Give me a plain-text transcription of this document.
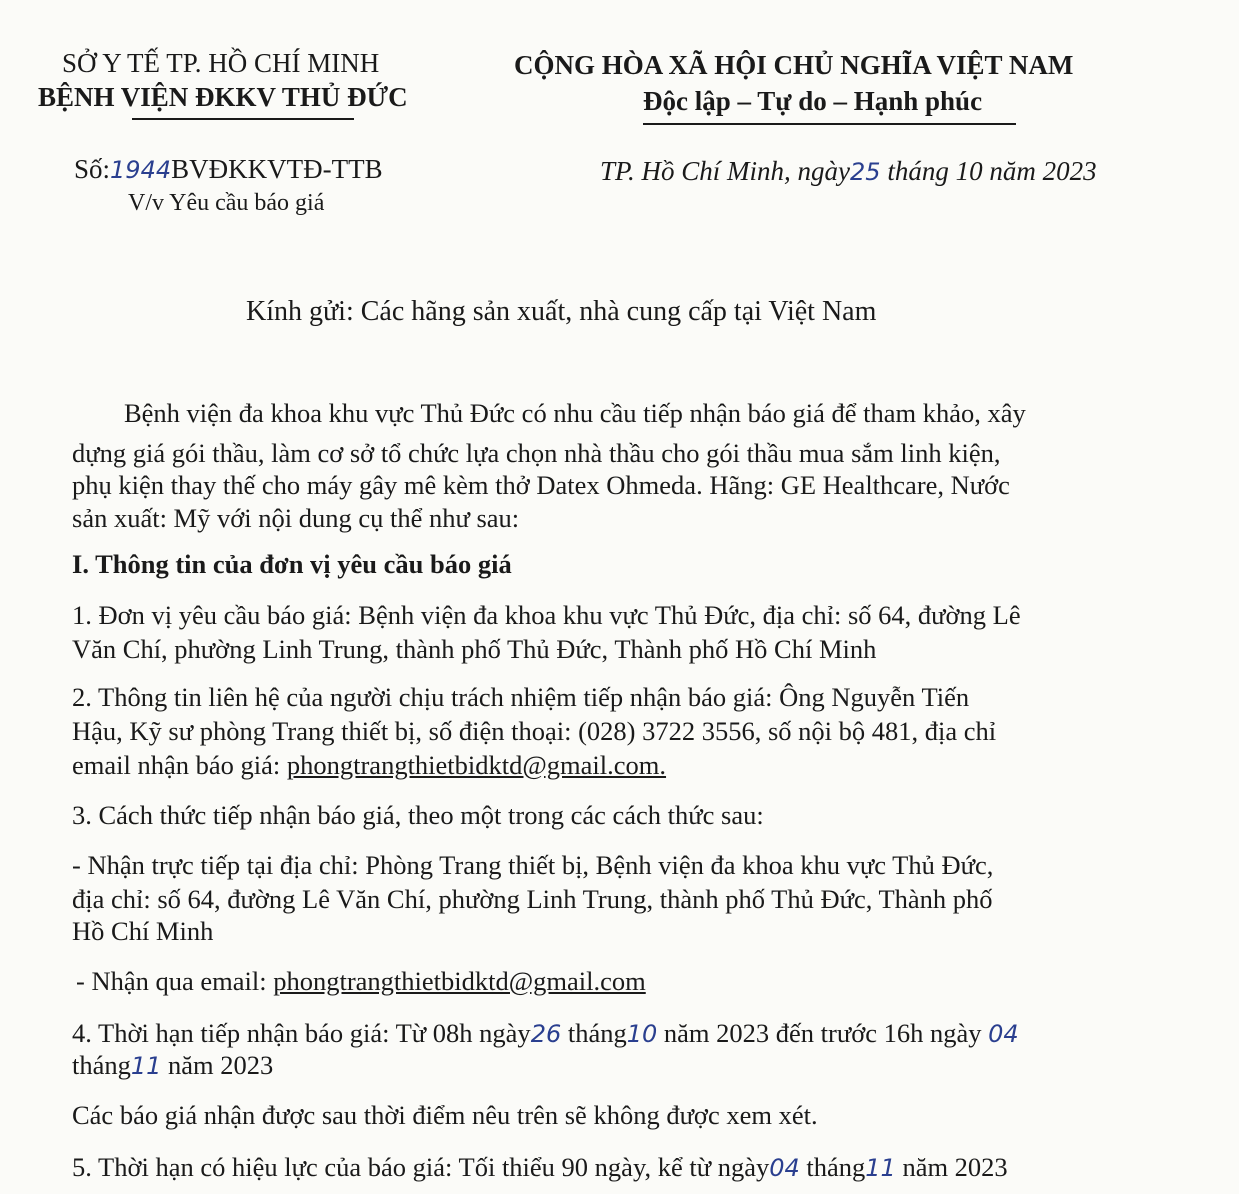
SỞ Y TẾ TP. HỒ CHÍ MINH
BỆNH VIỆN ĐKKV THỦ ĐỨC
CỘNG HÒA XÃ HỘI CHỦ NGHĨA VIỆT NAM
Độc lập – Tự do – Hạnh phúc
Số:1944BVĐKKVTĐ-TTB
V/v Yêu cầu báo giá
TP. Hồ Chí Minh, ngày25 tháng 10 năm 2023
Kính gửi: Các hãng sản xuất, nhà cung cấp tại Việt Nam
Bệnh viện đa khoa khu vực Thủ Đức có nhu cầu tiếp nhận báo giá để tham khảo, xây
dựng giá gói thầu, làm cơ sở tổ chức lựa chọn nhà thầu cho gói thầu mua sắm linh kiện,
phụ kiện thay thế cho máy gây mê kèm thở Datex Ohmeda. Hãng: GE Healthcare, Nước
sản xuất: Mỹ với nội dung cụ thể như sau:
I. Thông tin của đơn vị yêu cầu báo giá
1. Đơn vị yêu cầu báo giá: Bệnh viện đa khoa khu vực Thủ Đức, địa chỉ: số 64, đường Lê
Văn Chí, phường Linh Trung, thành phố Thủ Đức, Thành phố Hồ Chí Minh
2. Thông tin liên hệ của người chịu trách nhiệm tiếp nhận báo giá: Ông Nguyễn Tiến
Hậu, Kỹ sư phòng Trang thiết bị, số điện thoại: (028) 3722 3556, số nội bộ 481, địa chỉ
email nhận báo giá: phongtrangthietbidktd@gmail.com.
3. Cách thức tiếp nhận báo giá, theo một trong các cách thức sau:
- Nhận trực tiếp tại địa chỉ: Phòng Trang thiết bị, Bệnh viện đa khoa khu vực Thủ Đức,
địa chỉ: số 64, đường Lê Văn Chí, phường Linh Trung, thành phố Thủ Đức, Thành phố
Hồ Chí Minh
- Nhận qua email: phongtrangthietbidktd@gmail.com
4. Thời hạn tiếp nhận báo giá: Từ 08h ngày26 tháng10 năm 2023 đến trước 16h ngày 04
tháng11 năm 2023
Các báo giá nhận được sau thời điểm nêu trên sẽ không được xem xét.
5. Thời hạn có hiệu lực của báo giá: Tối thiểu 90 ngày, kể từ ngày04 tháng11 năm 2023
